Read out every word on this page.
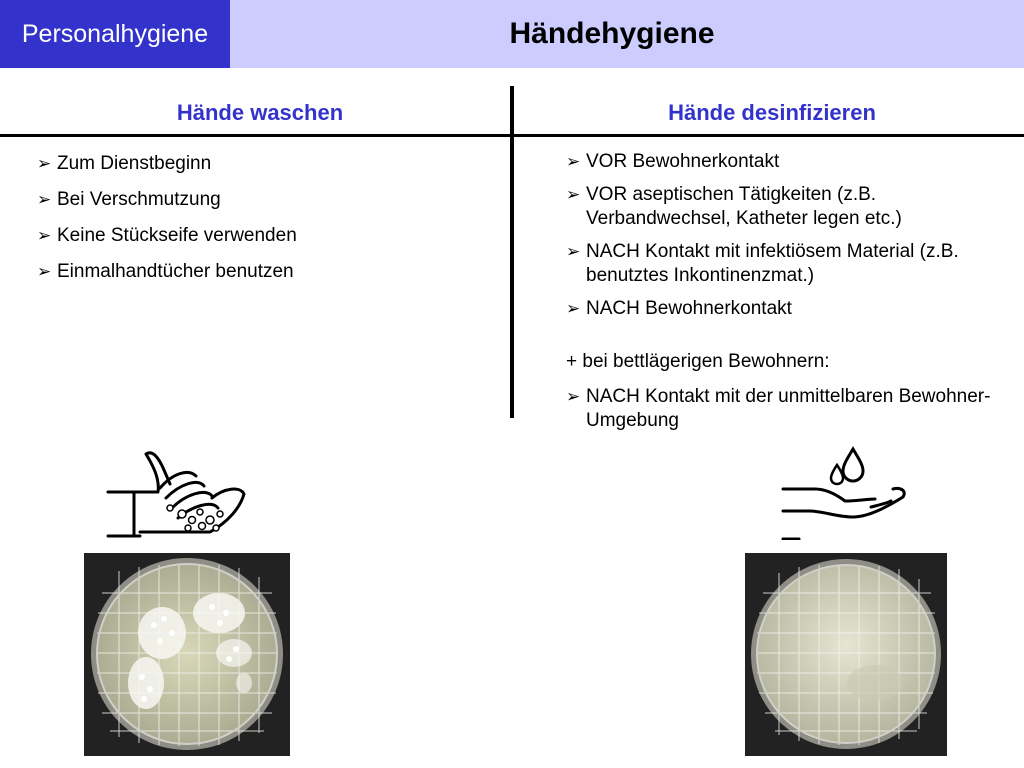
Personalhygiene	Händehygiene
Hände waschen	Hände desinfizieren
➢ Zum Dienstbeginn
➢ Bei Verschmutzung
➢ Keine Stückseife verwenden
➢ Einmalhandtücher benutzen
➢ VOR Bewohnerkontakt
➢ VOR aseptischen Tätigkeiten (z.B. Verbandwechsel, Katheter legen etc.)
➢ NACH Kontakt mit infektiösem Material (z.B. benutztes Inkontinenzmat.)
➢ NACH Bewohnerkontakt
+ bei bettlägerigen Bewohnern:
➢ NACH Kontakt mit der unmittelbaren Bewohner-Umgebung
